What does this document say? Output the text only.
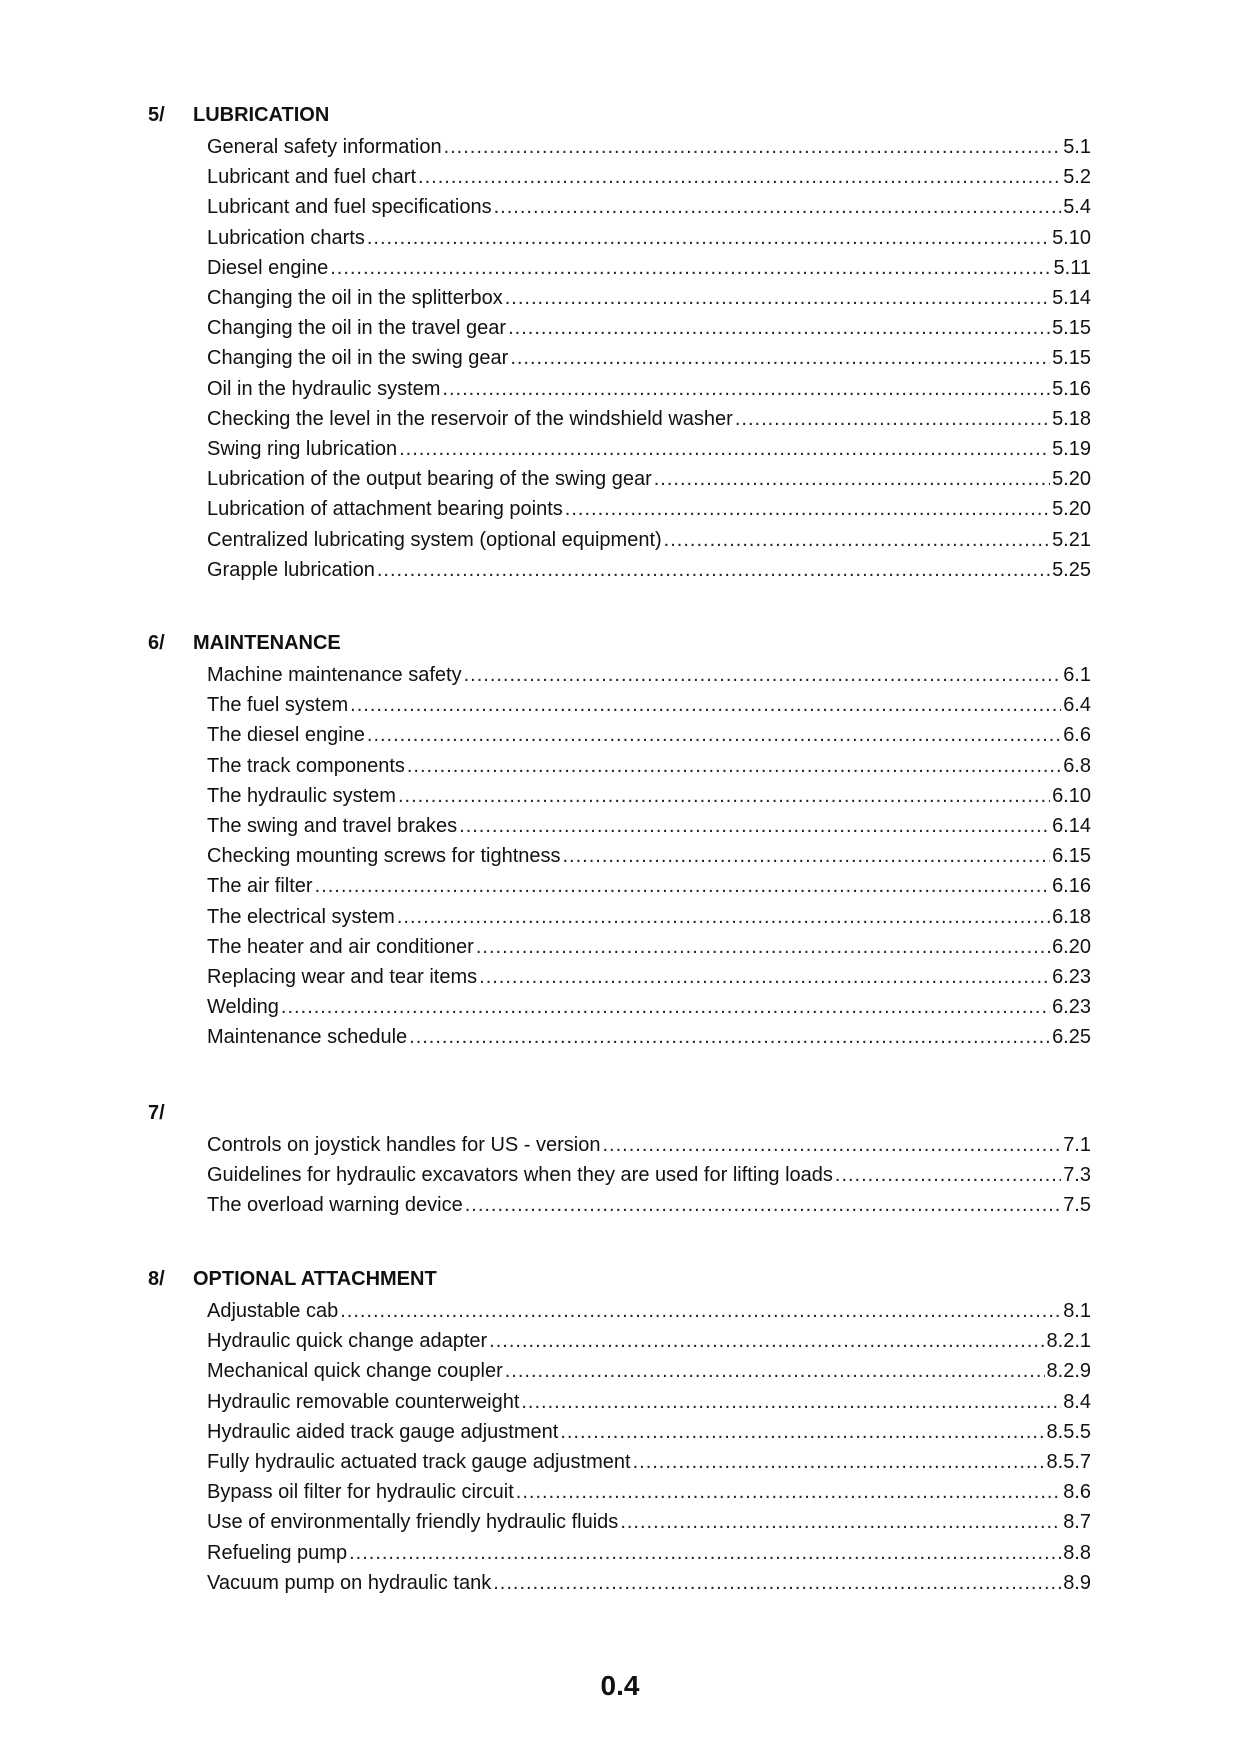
5/ LUBRICATION
General safety information .....	5.1
Lubricant and fuel chart .....	5.2
Lubricant and fuel specifications .....	5.4
Lubrication charts .....	5.10
Diesel engine .....	5.11
Changing the oil in the splitterbox .....	5.14
Changing the oil in the travel gear .....	5.15
Changing the oil in the swing gear .....	5.15
Oil in the hydraulic system .....	5.16
Checking the level in the reservoir of the windshield washer .....	5.18
Swing ring lubrication .....	5.19
Lubrication of the output bearing of the swing gear .....	5.20
Lubrication of attachment bearing points .....	5.20
Centralized lubricating system (optional equipment) .....	5.21
Grapple lubrication .....	5.25
6/ MAINTENANCE
Machine maintenance safety .....	6.1
The fuel system .....	6.4
The diesel engine .....	6.6
The track components .....	6.8
The hydraulic system .....	6.10
The swing and travel brakes .....	6.14
Checking mounting screws for tightness .....	6.15
The air filter .....	6.16
The electrical system .....	6.18
The heater and air conditioner .....	6.20
Replacing wear and tear items .....	6.23
Welding .....	6.23
Maintenance schedule .....	6.25
7/
Controls on joystick handles for US - version .....	7.1
Guidelines for hydraulic excavators when they are used for lifting loads .....	7.3
The overload warning device .....	7.5
8/ OPTIONAL ATTACHMENT
Adjustable cab .....	8.1
Hydraulic quick change adapter .....	8.2.1
Mechanical quick change coupler .....	8.2.9
Hydraulic removable counterweight .....	8.4
Hydraulic aided track gauge adjustment .....	8.5.5
Fully hydraulic actuated track gauge adjustment .....	8.5.7
Bypass oil filter for hydraulic circuit .....	8.6
Use of environmentally friendly hydraulic fluids .....	8.7
Refueling pump .....	8.8
Vacuum pump on hydraulic tank .....	8.9
0.4
